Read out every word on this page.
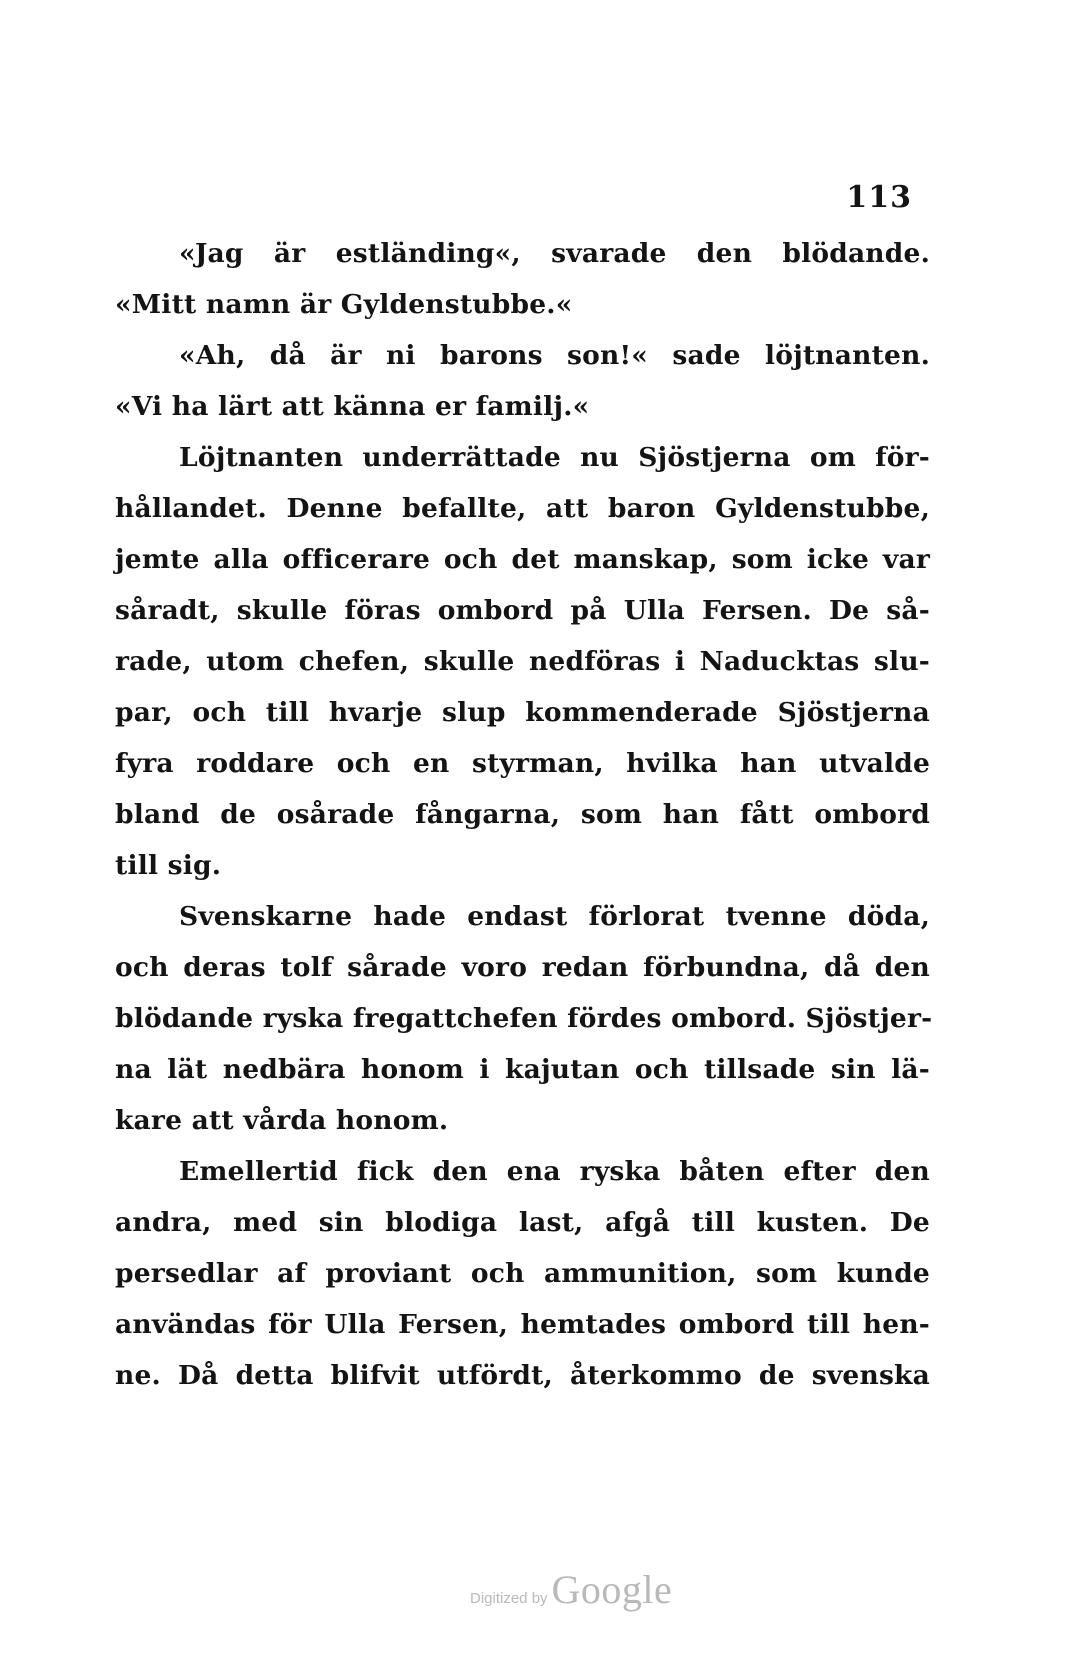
113
«Jag är estländing«, svarade den blödande.
«Mitt namn är Gyldenstubbe.«
«Ah, då är ni barons son!« sade löjtnanten.
«Vi ha lärt att känna er familj.«
Löjtnanten underrättade nu Sjöstjerna om för-
hållandet. Denne befallte, att baron Gyldenstubbe,
jemte alla officerare och det manskap, som icke var
såradt, skulle föras ombord på Ulla Fersen. De så-
rade, utom chefen, skulle nedföras i Naducktas slu-
par, och till hvarje slup kommenderade Sjöstjerna
fyra roddare och en styrman, hvilka han utvalde
bland de osårade fångarna, som han fått ombord
till sig.
Svenskarne hade endast förlorat tvenne döda,
och deras tolf sårade voro redan förbundna, då den
blödande ryska fregattchefen fördes ombord. Sjöstjer-
na lät nedbära honom i kajutan och tillsade sin lä-
kare att vårda honom.
Emellertid fick den ena ryska båten efter den
andra, med sin blodiga last, afgå till kusten. De
persedlar af proviant och ammunition, som kunde
användas för Ulla Fersen, hemtades ombord till hen-
ne. Då detta blifvit utfördt, återkommo de svenska
Digitized by Google
